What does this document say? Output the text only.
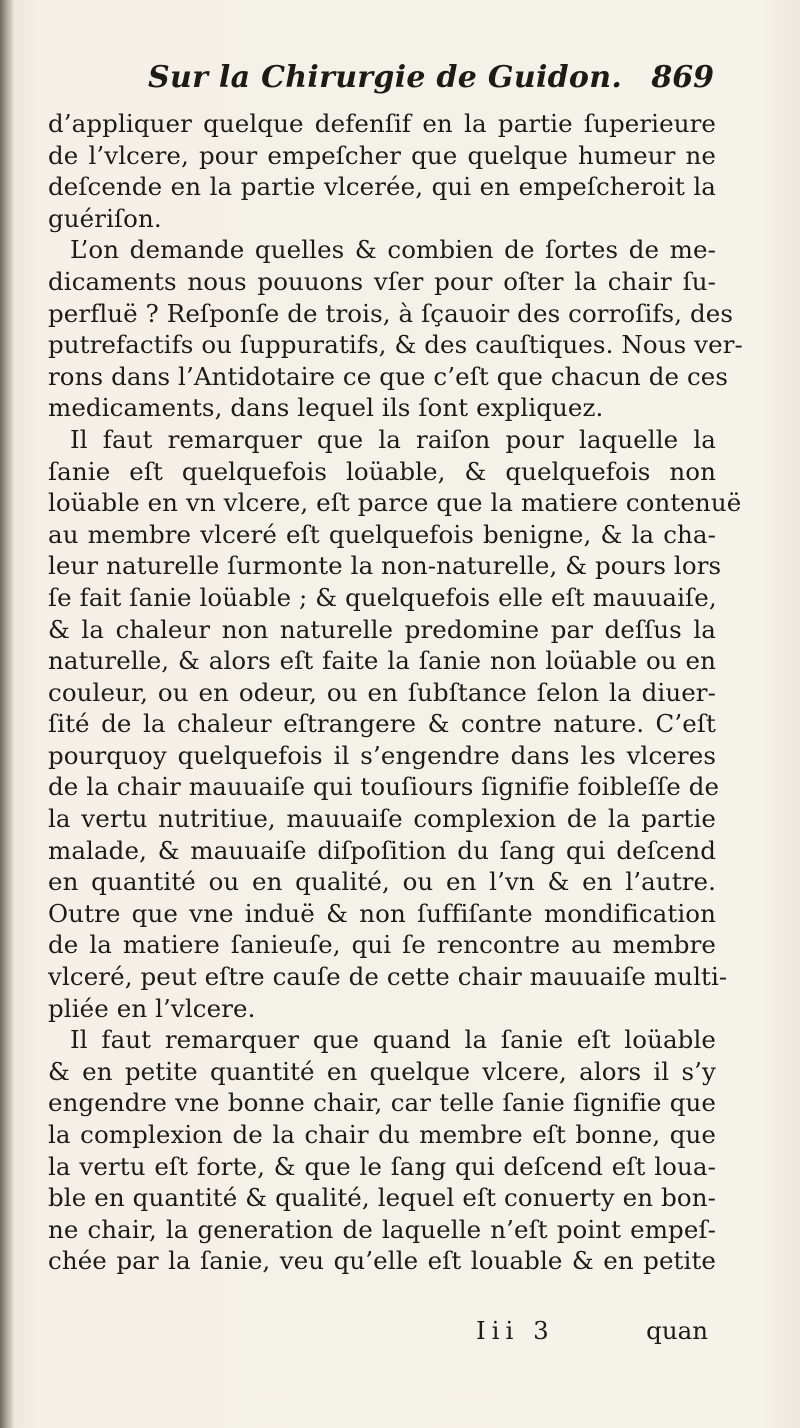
Sur la Chirurgie de Guidon. 869
d’appliquer quelque defenſif en la partie ſuperieure
de l’vlcere, pour empeſcher que quelque humeur ne
deſcende en la partie vlcerée, qui en empeſcheroit la
guériſon.
L’on demande quelles & combien de ſortes de me-
dicaments nous pouuons vſer pour oſter la chair ſu-
perfluë ? Reſponſe de trois, à ſçauoir des corroſifs, des
putrefactifs ou ſuppuratifs, & des cauſtiques. Nous ver-
rons dans l’Antidotaire ce que c’eſt que chacun de ces
medicaments, dans lequel ils ſont expliquez.
Il faut remarquer que la raiſon pour laquelle la
ſanie eſt quelquefois loüable, & quelquefois non
loüable en vn vlcere, eſt parce que la matiere contenuë
au membre vlceré eſt quelquefois benigne, & la cha-
leur naturelle ſurmonte la non-naturelle, & pours lors
ſe fait ſanie loüable ; & quelquefois elle eſt mauuaiſe,
& la chaleur non naturelle predomine par deſſus la
naturelle, & alors eſt faite la ſanie non loüable ou en
couleur, ou en odeur, ou en ſubſtance ſelon la diuer-
ſité de la chaleur eſtrangere & contre nature. C’eſt
pourquoy quelquefois il s’engendre dans les vlceres
de la chair mauuaiſe qui touſiours ſignifie foibleſſe de
la vertu nutritiue, mauuaiſe complexion de la partie
malade, & mauuaiſe diſpoſition du ſang qui deſcend
en quantité ou en qualité, ou en l’vn & en l’autre.
Outre que vne induë & non ſuffiſante mondification
de la matiere ſanieuſe, qui ſe rencontre au membre
vlceré, peut eſtre cauſe de cette chair mauuaiſe multi-
pliée en l’vlcere.
Il faut remarquer que quand la ſanie eſt loüable
& en petite quantité en quelque vlcere, alors il s’y
engendre vne bonne chair, car telle ſanie ſignifie que
la complexion de la chair du membre eſt bonne, que
la vertu eſt forte, & que le ſang qui deſcend eſt loua-
ble en quantité & qualité, lequel eſt conuerty en bon-
ne chair, la generation de laquelle n’eſt point empeſ-
chée par la ſanie, veu qu’elle eſt louable & en petite
Iii 3	quan
